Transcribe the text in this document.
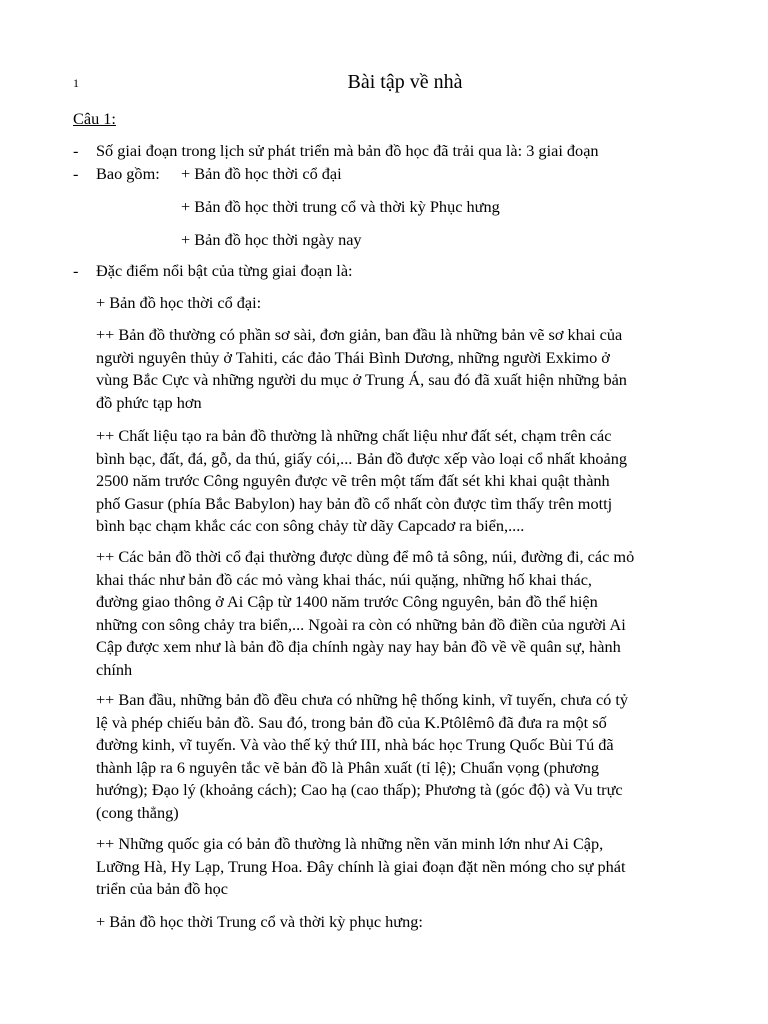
1	Bài tập về nhà
Câu 1:
- Số giai đoạn trong lịch sử phát triển mà bản đồ học đã trải qua là: 3 giai đoạn
- Bao gồm:	+ Bản đồ học thời cổ đại
+ Bản đồ học thời trung cổ và thời kỳ Phục hưng
+ Bản đồ học thời ngày nay
- Đặc điểm nổi bật của từng giai đoạn là:
+ Bản đồ học thời cổ đại:

++ Bản đồ thường có phần sơ sài, đơn giản, ban đầu là những bản vẽ sơ khai của

người nguyên thủy ở Tahiti, các đảo Thái Bình Dương, những người Exkimo ở

vùng Bắc Cực và những người du mục ở Trung Á, sau đó đã xuất hiện những bản

đồ phức tạp hơn

++ Chất liệu tạo ra bản đồ thường là những chất liệu như đất sét, chạm trên các

bình bạc, đất, đá, gỗ, da thú, giấy cói,... Bản đồ được xếp vào loại cổ nhất khoảng

2500 năm trước Công nguyên được vẽ trên một tấm đất sét khi khai quật thành

phố Gasur (phía Bắc Babylon) hay bản đồ cổ nhất còn được tìm thấy trên mottj

bình bạc chạm khắc các con sông chảy từ dãy Capcadơ ra biển,....

++ Các bản đồ thời cổ đại thường được dùng để mô tả sông, núi, đường đi, các mỏ

khai thác như bản đồ các mỏ vàng khai thác, núi quặng, những hố khai thác,

đường giao thông ở Ai Cập từ 1400 năm trước Công nguyên, bản đồ thể hiện

những con sông chảy tra biển,... Ngoài ra còn có những bản đồ điền của người Ai

Cập được xem như là bản đồ địa chính ngày nay hay bản đồ về về quân sự, hành

chính

++ Ban đầu, những bản đồ đều chưa có những hệ thống kinh, vĩ tuyến, chưa có tỷ

lệ và phép chiếu bản đồ. Sau đó, trong bản đồ của K.Ptôlêmô đã đưa ra một số

đường kinh, vĩ tuyến. Và vào thế kỷ thứ III, nhà bác học Trung Quốc Bùi Tú đã

thành lập ra 6 nguyên tắc vẽ bản đồ là Phân xuất (tỉ lệ); Chuẩn vọng (phương

hướng); Đạo lý (khoảng cách); Cao hạ (cao thấp); Phương tà (góc độ) và Vu trực

(cong thẳng)

++ Những quốc gia có bản đồ thường là những nền văn minh lớn như Ai Cập,

Lưỡng Hà, Hy Lạp, Trung Hoa. Đây chính là giai đoạn đặt nền móng cho sự phát

triển của bản đồ học

+ Bản đồ học thời Trung cổ và thời kỳ phục hưng:
